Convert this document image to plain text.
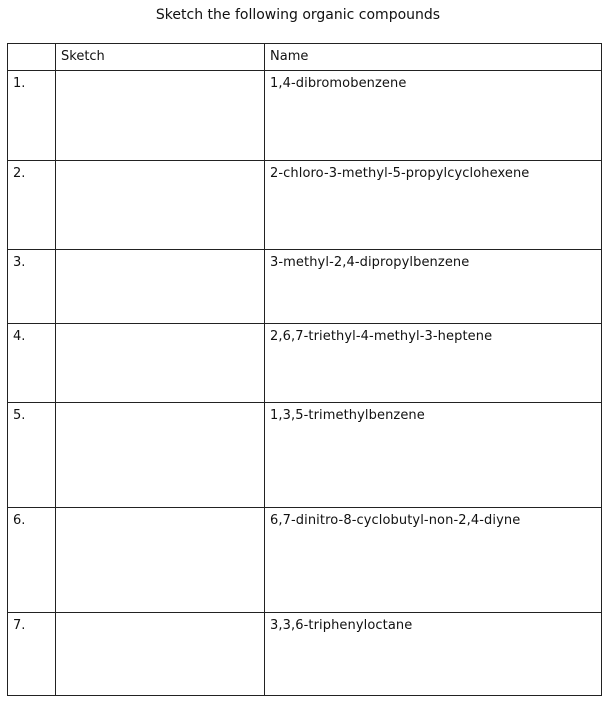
Sketch the following organic compounds
	Sketch	Name
1.		1,4-dibromobenzene
2.		2-chloro-3-methyl-5-propylcyclohexene
3.		3-methyl-2,4-dipropylbenzene
4.		2,6,7-triethyl-4-methyl-3-heptene
5.		1,3,5-trimethylbenzene
6.		6,7-dinitro-8-cyclobutyl-non-2,4-diyne
7.		3,3,6-triphenyloctane
